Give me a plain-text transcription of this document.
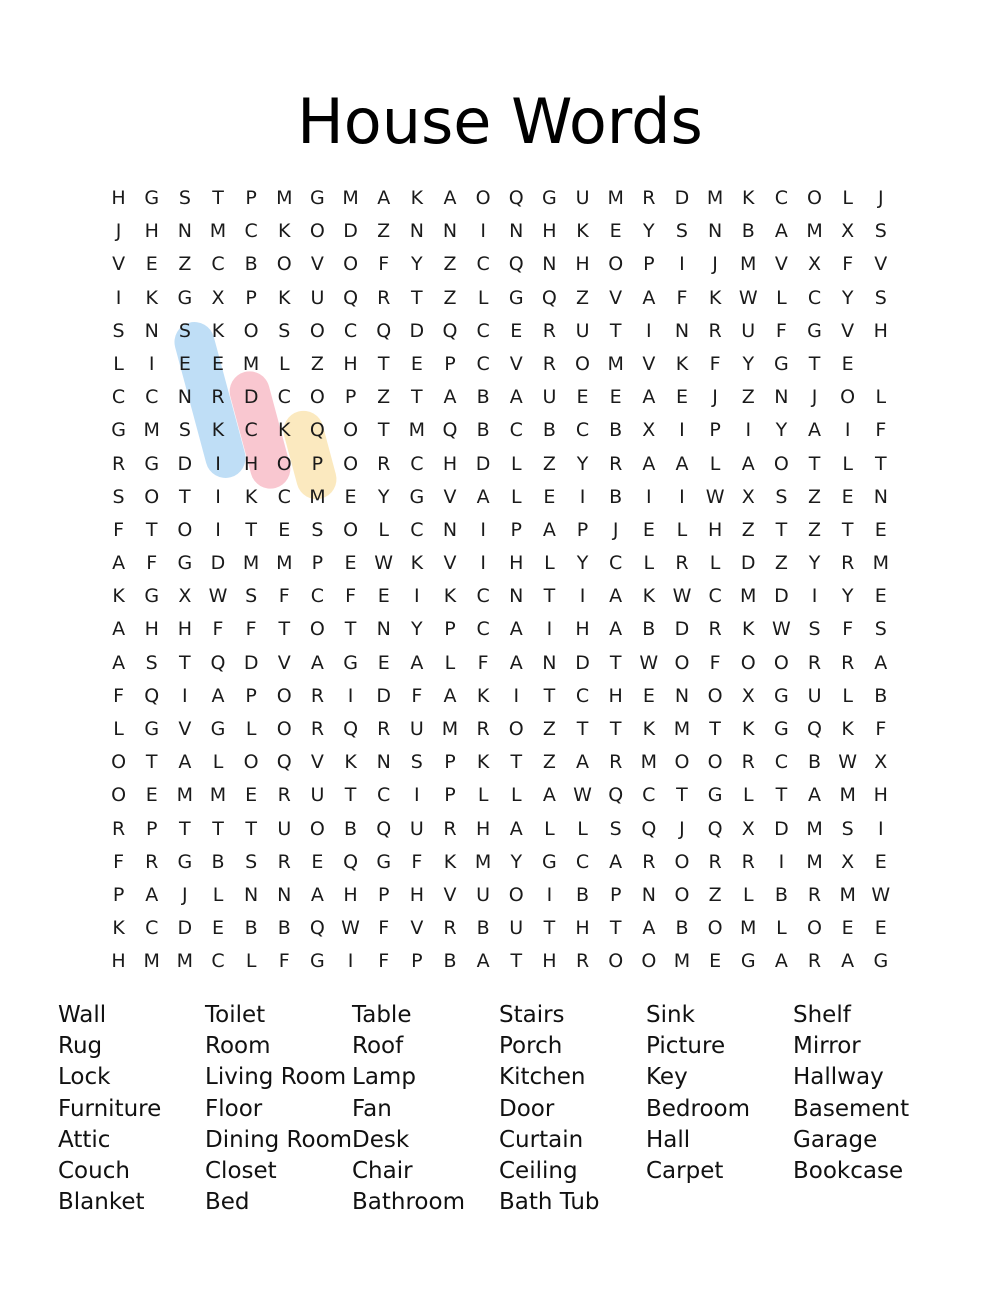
House Words
H G	S	T	P	M G M A	K	A	O Q G U M R	D M K	C	O	L	J
J	H N M C	K	O D	Z	N N	I	N H	K	E	Y	S	N	B	A M X	S
V	E	Z	C	B	O	V	O	F	Y	Z	C	Q N H O	P	I	J	M V	X	F	V
I	K	G	X	P	K	U Q	R	T	Z	L	G Q	Z	V	A	F	K W L	C	Y	S
S	N	S	K	O	S	O	C	Q D Q	C	E	R	U	T	I	N	R	U	F	G	V	H
L	I	E	E M	L	Z	H	T	E	P	C	V	R	O M V	K	F	Y	G	T	E
C	C	N	R	D	C	O	P	Z	T	A	B	A	U	E	E	A	E	J	Z	N	J	O	L
G M S	K	C	K	Q O	T	M Q	B	C	B	C	B	X	I	P	I	Y	A	I	F
R	G D	I	H O	P	O	R	C	H D	L	Z	Y	R	A	A	L	A	O	T	L	T
S	O	T	I	K	C M E	Y	G	V	A	L	E	I	B	I	I	W X	S	Z	E	N
F	T	O	I	T	E	S	O	L	C	N	I	P	A	P	J	E	L	H	Z	T	Z	T	E
A	F	G D M M	P	E W K	V	I	H	L	Y	C	L	R	L	D	Z	Y	R M
K	G	X W S	F	C	F	E	I	K	C	N	T	I	A	K W C M D	I	Y	E
A	H H	F	F	T	O	T	N	Y	P	C	A	I	H	A	B	D	R	K W S	F	S
A	S	T	Q D	V	A	G	E	A	L	F	A	N D	T W O	F	O O	R	R	A
F	Q	I	A	P	O	R	I	D	F	A	K	I	T	C	H	E	N O	X	G U	L	B
L	G	V	G	L	O	R	Q	R	U M R	O	Z	T	T	K M	T	K	G Q	K	F
O	T	A	L	O Q	V	K	N	S	P	K	T	Z	A	R M O O	R	C	B W X
O	E M M E	R	U	T	C	I	P	L	L	A W Q	C	T	G	L	T	A M H
R	P	T	T	T	U O	B	Q U	R	H	A	L	L	S	Q	J	Q	X	D M S	I
F	R	G	B	S	R	E	Q G	F	K M	Y	G	C	A	R	O	R	R	I	M X	E
P	A	J	L	N N	A	H	P	H	V	U O	I	B	P	N O	Z	L	B	R M W
K	C	D	E	B	B	Q W F	V	R	B	U	T	H	T	A	B	O M	L	O	E	E
H M M C	L	F	G	I	F	P	B	A	T	H	R	O O M E	G	A	R	A	G
Wall
Rug
Lock
Furniture
Attic
Couch
Blanket
Toilet
Room
Living Room
Floor
Dining Room
Closet
Bed
Table
Roof
Lamp
Fan
Desk
Chair
Bathroom
Stairs
Porch
Kitchen
Door
Curtain
Ceiling
Bath Tub
Sink
Picture
Key
Bedroom
Hall
Carpet
Shelf
Mirror
Hallway
Basement
Garage
Bookcase
